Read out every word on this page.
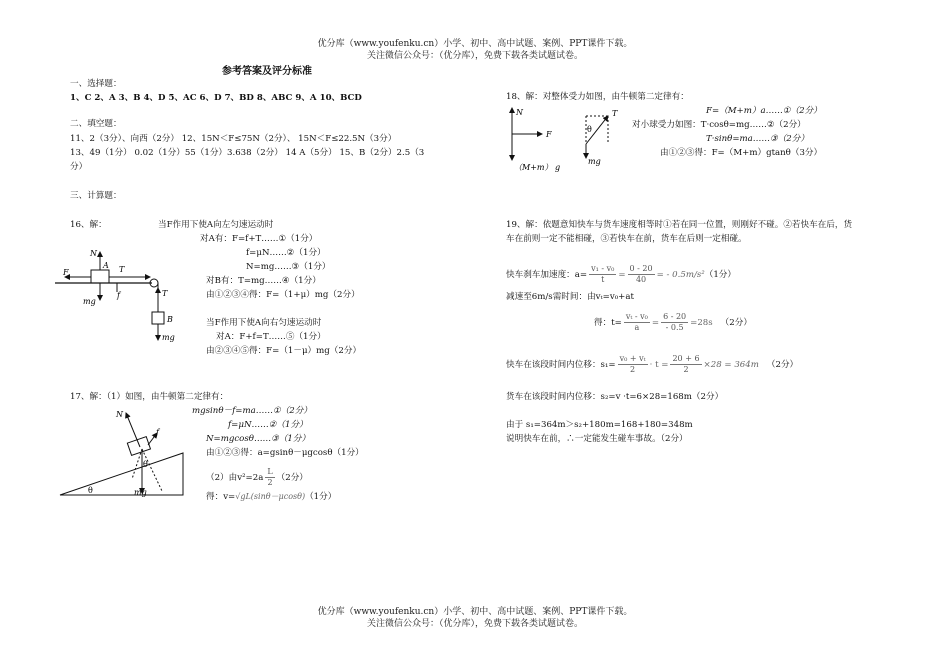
优分库（www.youfenku.cn）小学、初中、高中试题、案例、PPT课件下载。
关注微信公众号：（优分库），免费下载各类试题试卷。
参考答案及评分标准
一、选择题：
1、C 2、A 3、B 4、D 5、AC 6、D 7、BD 8、ABC 9、A 10、BCD
二、填空题：
11、2（3分）、向西（2分） 12、15N＜F≤75N（2分）、 15N＜F≤22.5N（3分）
13、49（1分） 0.02（1分）55（1分）3.638（2分） 14 A（5分） 15、B（2分）2.5（3
分）
三、计算题：
16、解：	当F作用下使A向左匀速运动时
对A有：F=f+T……①（1分）
f=μN……②（1分）
N=mg……③（1分）
对B有：T=mg……④（1分）
由①②③④得：F=（1+μ）mg（2分）
当F作用下使A向右匀速运动时
对A：F+f=T……⑤（1分）
由②③④⑤得：F=（1－μ）mg（2分）
N
A
F	T
f
mg
T
B
mg
17、解：（1）如图，由牛顿第二定律有：
mgsinθ－f=ma……①（2分）
f=μN……②（1分）
N=mgcosθ……③（1分）
由①②③得：a=gsinθ－μgcosθ（1分）
（2）由$v^2=2a \frac{L}{2} (2$分）
得：v=√gL(sinθ－μcosθ)（1分）
N
f
θ
θ	mg
18、解：对整体受力如图，由牛顿第二定律有：
F=（M+m）a……①（2分）
对小球受力如图：T·cosθ=mg……②（2分）
T·sinθ=ma……③（2分）
由①②③得：F=（M+m）gtanθ（3分）
N
F
（M+m） g
T
θ
mg
19、解：依题意知快车与货车速度相等时①若在同一位置，则刚好不碰。②若快车在后，货
车在前则一定不能相碰，③若快车在前，货车在后则一定相碰。
快车刹车加速度：$a= \frac{\text{v₁ - v₀}}{t} = \frac{0 - 20}{40}$ = - 0.5m/s²（1分）
减速至6m/s需时间：由vₜ=v₀+at
得：$t= \frac{\text{vₜ - v₀}}{a} = \frac{6 - 20}{- 0.5} =28s$ （2分）
快车在该段时间内位移：$s_1= \frac{\text{v₀ + vₜ}}{2} \cdot t = \frac{20 + 6}{2} \times 28 = 364m$ （2分）
货车在该段时间内位移：s₂=v ·t=6×28=168m（2分）
由于 s₁=364m＞s₂+180m=168+180=348m
说明快车在前，∴一定能发生碰车事故。（2分）
优分库（www.youfenku.cn）小学、初中、高中试题、案例、PPT课件下载。
关注微信公众号：（优分库），免费下载各类试题试卷。
